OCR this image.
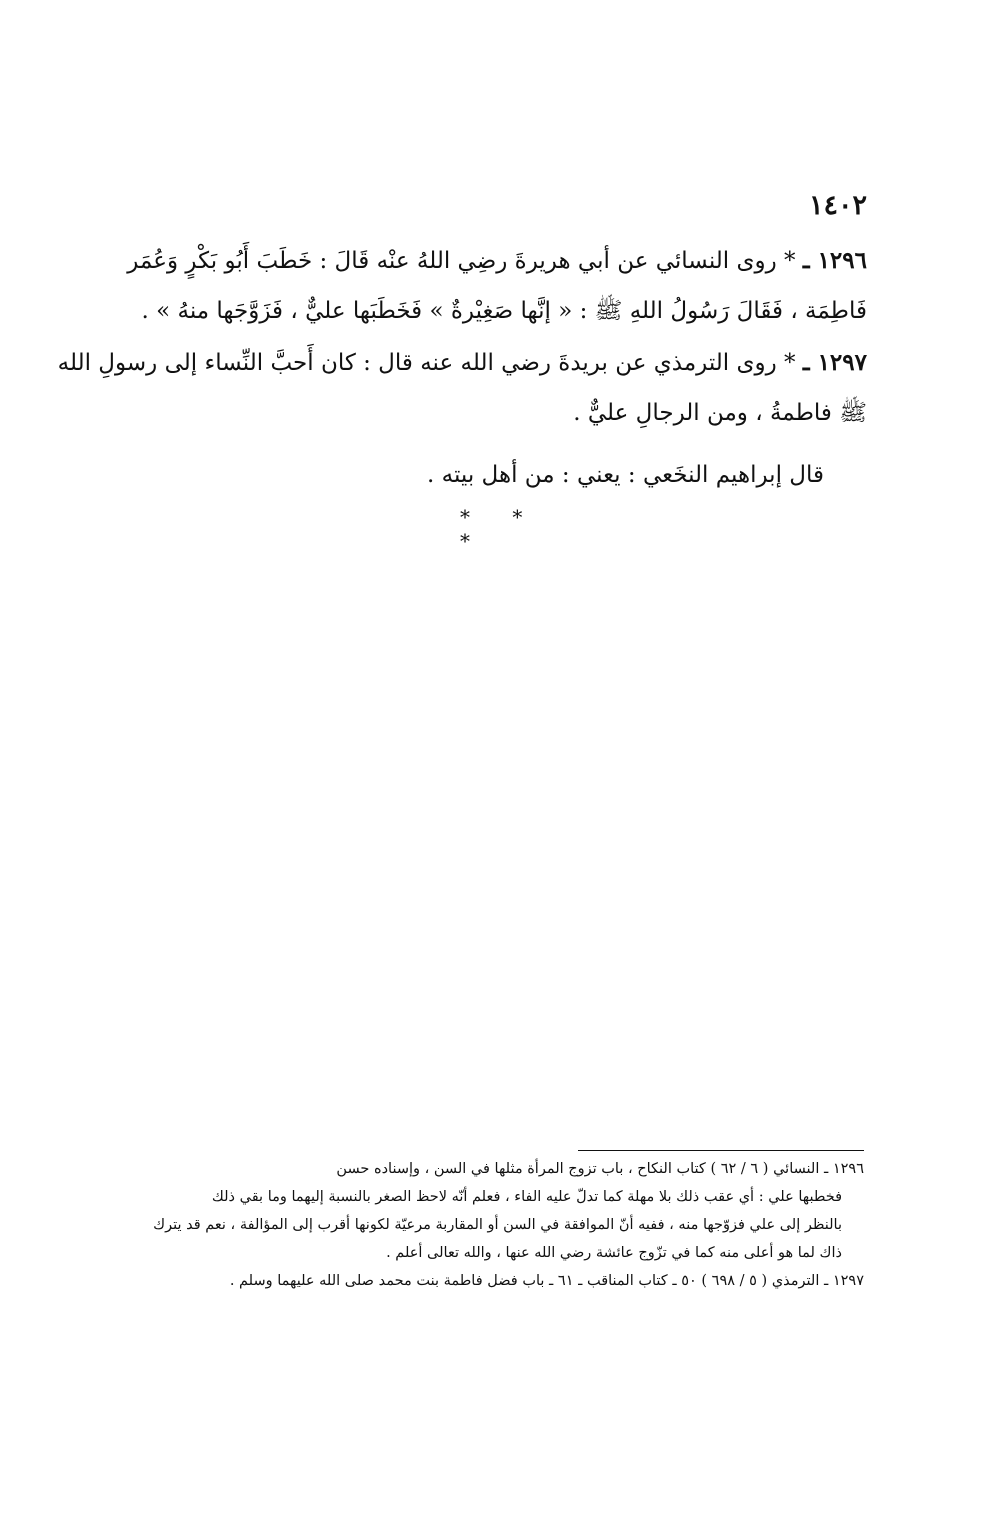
١٤٠٢
١٢٩٦ ـ * روى النسائي عن أبي هريرةَ رضِي اللهُ عنْه قَالَ : خَطَبَ أَبُو بَكْرٍ وَعُمَر
فَاطِمَة ، فَقَالَ رَسُولُ اللهِ ﷺ : « إنَّها صَغِيْرةٌ » فَخَطَبَها عليٌّ ، فَزَوَّجَها منهُ » .
١٢٩٧ ـ * روى الترمذي عن بريدةَ رضي الله عنه قال : كان أَحبَّ النِّساء إلى رسولِ الله
ﷺ فاطمةُ ، ومن الرجالِ عليٌّ .
قال إبراهيم النخَعي : يعني : من أهل بيته .
* * *
١٢٩٦ ـ النسائي ( ٦ / ٦٢ ) كتاب النكاح ، باب تزوج المرأة مثلها في السن ، وإسناده حسن
فخطبها علي : أي عقب ذلك بلا مهلة كما تدلّ عليه الفاء ، فعلم أنّه لاحظ الصغر بالنسبة إليهما وما بقي ذلك
بالنظر إلى علي فزوّجها منه ، ففيه أنّ الموافقة في السن أو المقاربة مرعيّة لكونها أقرب إلى المؤالفة ، نعم قد يترك
ذاك لما هو أعلى منه كما في تزّوج عائشة رضي الله عنها ، والله تعالى أعلم .
١٢٩٧ ـ الترمذي ( ٥ / ٦٩٨ ) ٥٠ ـ كتاب المناقب ـ ٦١ ـ باب فضل فاطمة بنت محمد صلى الله عليهما وسلم .
